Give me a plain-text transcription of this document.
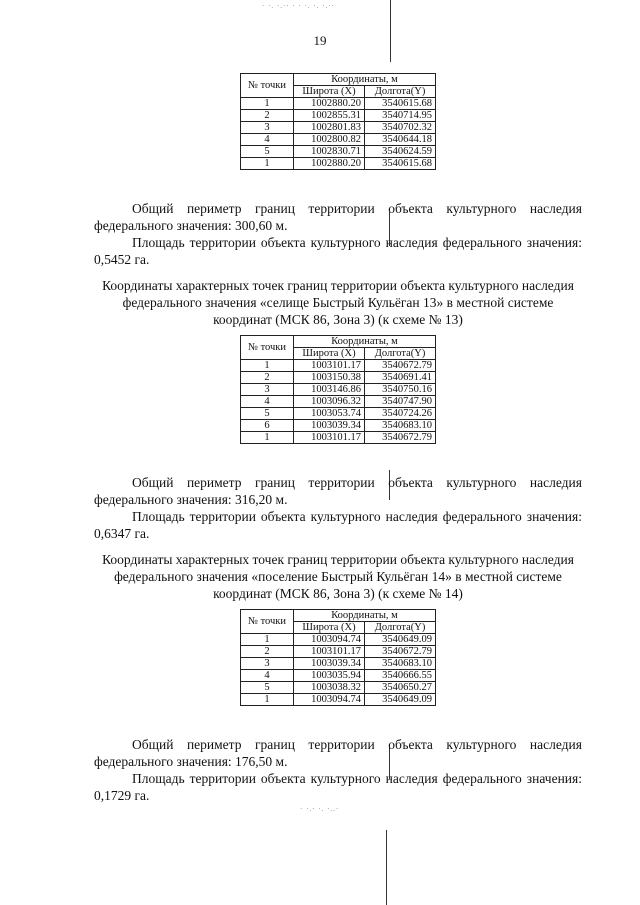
· ·. ·.·· · · ·. ·. ·.··
· ·.· ·. ·..·
19
№ точки	Координаты, м	
	Широта (X)	Долгота(Y)
1	1002880.20	3540615.68
2	1002855.31	3540714.95
3	1002801.83	3540702.32
4	1002800.82	3540644.18
5	1002830.71	3540624.59
1	1002880.20	3540615.68
Общий периметр границ территории объекта культурного наследия федерального значения: 300,60 м.
Площадь территории объекта культурного наследия федерального значения: 0,5452 га.
Координаты характерных точек границ территории объекта культурного наследия федерального значения «селище Быстрый Кульёган 13» в местной системе координат (МСК 86, Зона 3) (к схеме № 13)
№ точки	Координаты, м	
	Широта (X)	Долгота(Y)
1	1003101.17	3540672.79
2	1003150.38	3540691.41
3	1003146.86	3540750.16
4	1003096.32	3540747.90
5	1003053.74	3540724.26
6	1003039.34	3540683.10
1	1003101.17	3540672.79
Общий периметр границ территории объекта культурного наследия федерального значения: 316,20 м.
Площадь территории объекта культурного наследия федерального значения: 0,6347 га.
Координаты характерных точек границ территории объекта культурного наследия федерального значения «поселение Быстрый Кульёган 14» в местной системе координат (МСК 86, Зона 3) (к схеме № 14)
№ точки	Координаты, м	
	Широта (X)	Долгота(Y)
1	1003094.74	3540649.09
2	1003101.17	3540672.79
3	1003039.34	3540683.10
4	1003035.94	3540666.55
5	1003038.32	3540650.27
1	1003094.74	3540649.09
Общий периметр границ территории объекта культурного наследия федерального значения: 176,50 м.
Площадь территории объекта культурного наследия федерального значения: 0,1729 га.
